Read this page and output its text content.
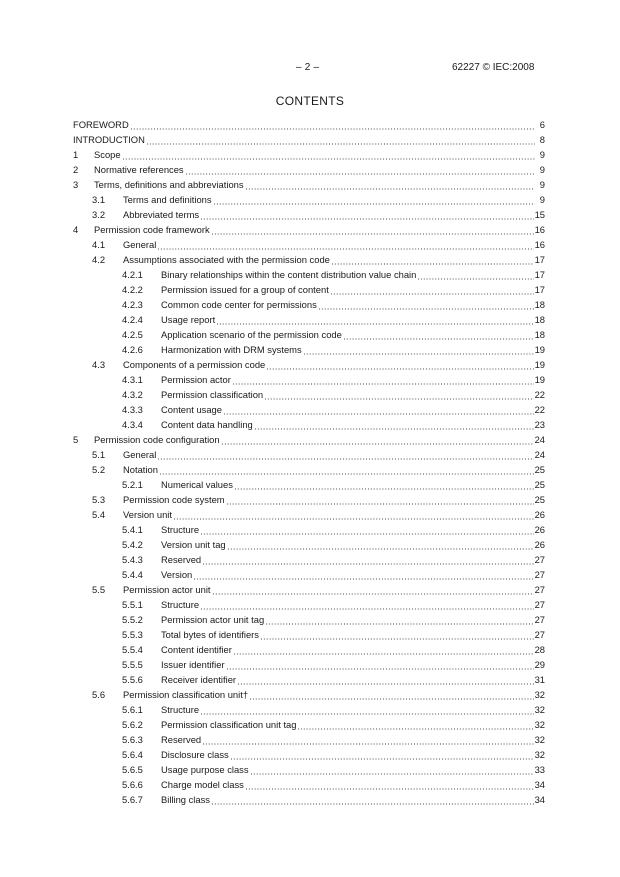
– 2 –	62227 © IEC:2008
CONTENTS
FOREWORD	6
INTRODUCTION	8
1	Scope	9
2	Normative references	9
3	Terms, definitions and abbreviations	9
3.1	Terms and definitions	9
3.2	Abbreviated terms	15
4	Permission code framework	16
4.1	General	16
4.2	Assumptions associated with the permission code	17
4.2.1	Binary relationships within the content distribution value chain	17
4.2.2	Permission issued for a group of content	17
4.2.3	Common code center for permissions	18
4.2.4	Usage report	18
4.2.5	Application scenario of the permission code	18
4.2.6	Harmonization with DRM systems	19
4.3	Components of a permission code	19
4.3.1	Permission actor	19
4.3.2	Permission classification	22
4.3.3	Content usage	22
4.3.4	Content data handling	23
5	Permission code configuration	24
5.1	General	24
5.2	Notation	25
5.2.1	Numerical values	25
5.3	Permission code system	25
5.4	Version unit	26
5.4.1	Structure	26
5.4.2	Version unit tag	26
5.4.3	Reserved	27
5.4.4	Version	27
5.5	Permission actor unit	27
5.5.1	Structure	27
5.5.2	Permission actor unit tag	27
5.5.3	Total bytes of identifiers	27
5.5.4	Content identifier	28
5.5.5	Issuer identifier	29
5.5.6	Receiver identifier	31
5.6	Permission classification unit†	32
5.6.1	Structure	32
5.6.2	Permission classification unit tag	32
5.6.3	Reserved	32
5.6.4	Disclosure class	32
5.6.5	Usage purpose class	33
5.6.6	Charge model class	34
5.6.7	Billing class	34
